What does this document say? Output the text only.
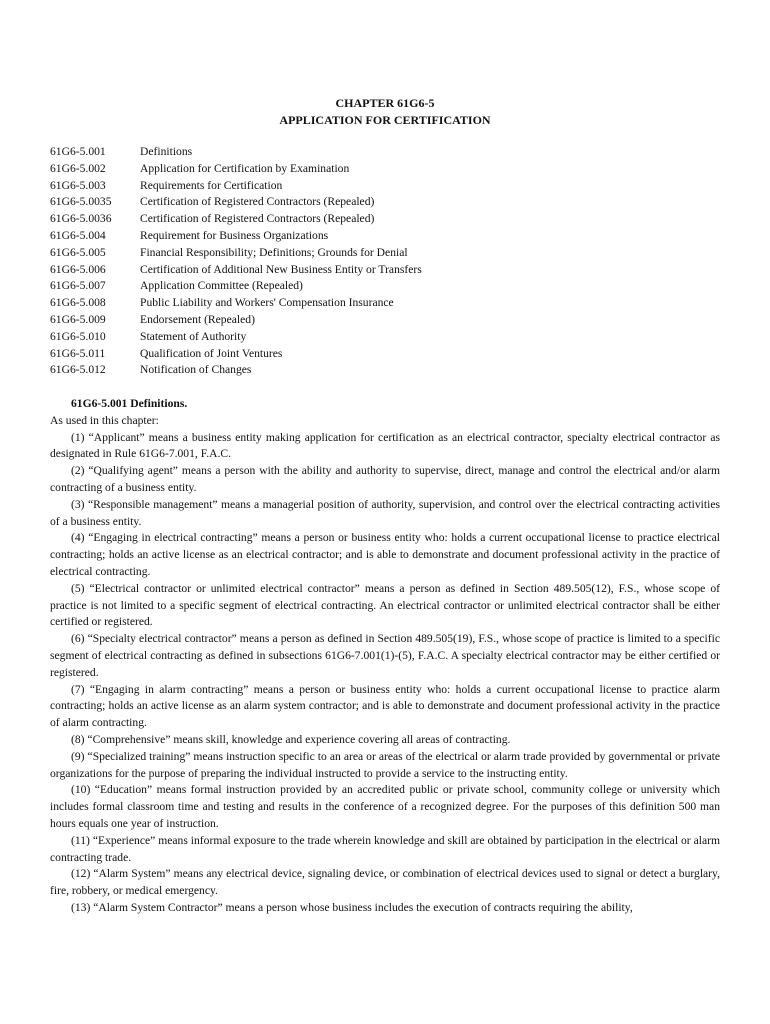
CHAPTER 61G6-5
APPLICATION FOR CERTIFICATION
61G6-5.001	Definitions
61G6-5.002	Application for Certification by Examination
61G6-5.003	Requirements for Certification
61G6-5.0035	Certification of Registered Contractors (Repealed)
61G6-5.0036	Certification of Registered Contractors (Repealed)
61G6-5.004	Requirement for Business Organizations
61G6-5.005	Financial Responsibility; Definitions; Grounds for Denial
61G6-5.006	Certification of Additional New Business Entity or Transfers
61G6-5.007	Application Committee (Repealed)
61G6-5.008	Public Liability and Workers' Compensation Insurance
61G6-5.009	Endorsement (Repealed)
61G6-5.010	Statement of Authority
61G6-5.011	Qualification of Joint Ventures
61G6-5.012	Notification of Changes
61G6-5.001 Definitions.
As used in this chapter:

(1) “Applicant” means a business entity making application for certification as an electrical contractor, specialty electrical contractor as designated in Rule 61G6-7.001, F.A.C.

(2) “Qualifying agent” means a person with the ability and authority to supervise, direct, manage and control the electrical and/or alarm contracting of a business entity.

(3) “Responsible management” means a managerial position of authority, supervision, and control over the electrical contracting activities of a business entity.

(4) “Engaging in electrical contracting” means a person or business entity who: holds a current occupational license to practice electrical contracting; holds an active license as an electrical contractor; and is able to demonstrate and document professional activity in the practice of electrical contracting.

(5) “Electrical contractor or unlimited electrical contractor” means a person as defined in Section 489.505(12), F.S., whose scope of practice is not limited to a specific segment of electrical contracting. An electrical contractor or unlimited electrical contractor shall be either certified or registered.

(6) “Specialty electrical contractor” means a person as defined in Section 489.505(19), F.S., whose scope of practice is limited to a specific segment of electrical contracting as defined in subsections 61G6-7.001(1)-(5), F.A.C. A specialty electrical contractor may be either certified or registered.

(7) “Engaging in alarm contracting” means a person or business entity who: holds a current occupational license to practice alarm contracting; holds an active license as an alarm system contractor; and is able to demonstrate and document professional activity in the practice of alarm contracting.

(8) “Comprehensive” means skill, knowledge and experience covering all areas of contracting.

(9) “Specialized training” means instruction specific to an area or areas of the electrical or alarm trade provided by governmental or private organizations for the purpose of preparing the individual instructed to provide a service to the instructing entity.

(10) “Education” means formal instruction provided by an accredited public or private school, community college or university which includes formal classroom time and testing and results in the conference of a recognized degree. For the purposes of this definition 500 man hours equals one year of instruction.

(11) “Experience” means informal exposure to the trade wherein knowledge and skill are obtained by participation in the electrical or alarm contracting trade.

(12) “Alarm System” means any electrical device, signaling device, or combination of electrical devices used to signal or detect a burglary, fire, robbery, or medical emergency.

(13) “Alarm System Contractor” means a person whose business includes the execution of contracts requiring the ability,
